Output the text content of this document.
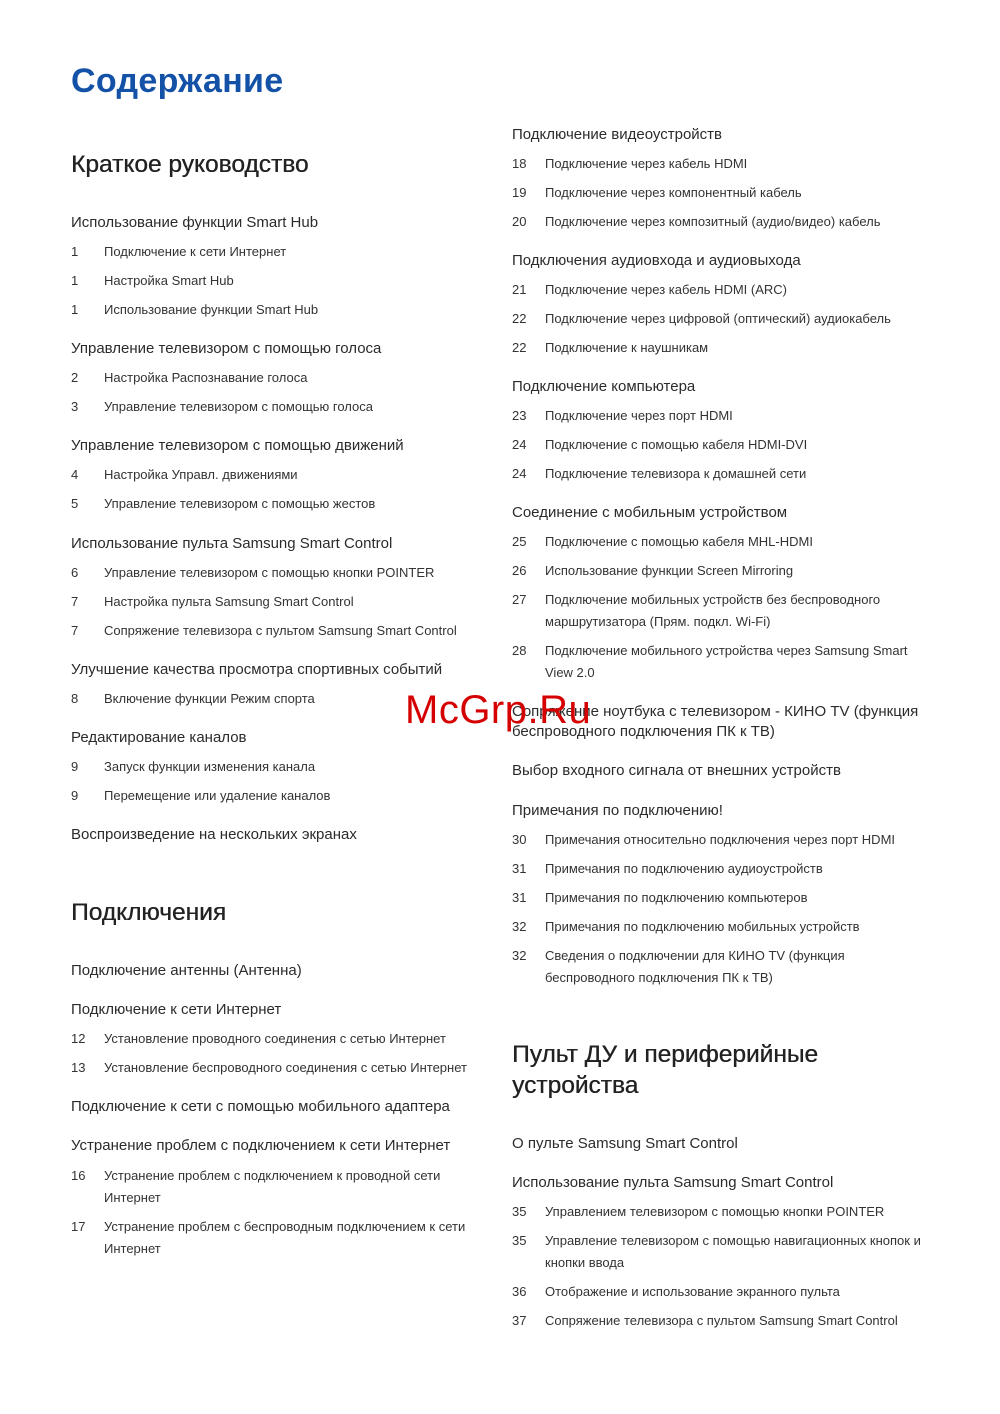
Содержание
Краткое руководство
Использование функции Smart Hub
1	Подключение к сети Интернет
1	Настройка Smart Hub
1	Использование функции Smart Hub
Управление телевизором с помощью голоса
2	Настройка Распознавание голоса
3	Управление телевизором с помощью голоса
Управление телевизором с помощью движений
4	Настройка Управл. движениями
5	Управление телевизором с помощью жестов
Использование пульта Samsung Smart Control
6	Управление телевизором с помощью кнопки POINTER
7	Настройка пульта Samsung Smart Control
7	Сопряжение телевизора с пультом Samsung Smart Control
Улучшение качества просмотра спортивных событий
8	Включение функции Режим спорта
Редактирование каналов
9	Запуск функции изменения канала
9	Перемещение или удаление каналов
Воспроизведение на нескольких экранах
Подключения
Подключение антенны (Антенна)
Подключение к сети Интернет
12	Установление проводного соединения с сетью Интернет
13	Установление беспроводного соединения с сетью Интернет
Подключение к сети с помощью мобильного адаптера
Устранение проблем с подключением к сети Интернет
16	Устранение проблем с подключением к проводной сети Интернет
17	Устранение проблем с беспроводным подключением к сети Интернет
Подключение видеоустройств
18	Подключение через кабель HDMI
19	Подключение через компонентный кабель
20	Подключение через композитный (аудио/видео) кабель
Подключения аудиовхода и аудиовыхода
21	Подключение через кабель HDMI (ARC)
22	Подключение через цифровой (оптический) аудиокабель
22	Подключение к наушникам
Подключение компьютера
23	Подключение через порт HDMI
24	Подключение с помощью кабеля HDMI-DVI
24	Подключение телевизора к домашней сети
Соединение с мобильным устройством
25	Подключение с помощью кабеля MHL-HDMI
26	Использование функции Screen Mirroring
27	Подключение мобильных устройств без беспроводного маршрутизатора (Прям. подкл. Wi-Fi)
28	Подключение мобильного устройства через Samsung Smart View 2.0
Сопряжение ноутбука с телевизором - КИНО TV (функция беспроводного подключения ПК к ТВ)
Выбор входного сигнала от внешних устройств
Примечания по подключению!
30	Примечания относительно подключения через порт HDMI
31	Примечания по подключению аудиоустройств
31	Примечания по подключению компьютеров
32	Примечания по подключению мобильных устройств
32	Сведения о подключении для КИНО TV (функция беспроводного подключения ПК к ТВ)
Пульт ДУ и периферийные
устройства
О пульте Samsung Smart Control
Использование пульта Samsung Smart Control
35	Управлением телевизором с помощью кнопки POINTER
35	Управление телевизором с помощью навигационных кнопок и кнопки ввода
36	Отображение и использование экранного пульта
37	Сопряжение телевизора с пультом Samsung Smart Control
McGrp.Ru
